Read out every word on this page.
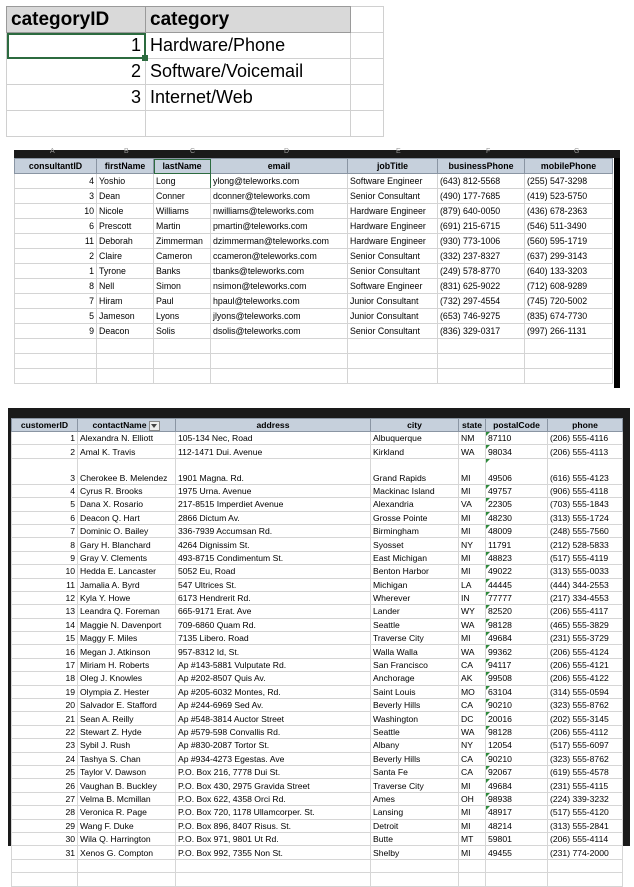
categoryID	category	
1	Hardware/Phone	
2	Software/Voicemail	
3	Internet/Web	

A	B	C	D	E	F	G
consultantID	firstName	lastName	email	jobTitle	businessPhone	mobilePhone
4	Yoshio	Long	ylong@teleworks.com	Software Engineer	(643) 812-5568	(255) 547-3298
3	Dean	Conner	dconner@teleworks.com	Senior Consultant	(490) 177-7685	(419) 523-5750
10	Nicole	Williams	nwilliams@teleworks.com	Hardware Engineer	(879) 640-0050	(436) 678-2363
6	Prescott	Martin	pmartin@teleworks.com	Hardware Engineer	(691) 215-6715	(546) 511-3490
11	Deborah	Zimmerman	dzimmerman@teleworks.com	Hardware Engineer	(930) 773-1006	(560) 595-1719
2	Claire	Cameron	ccameron@teleworks.com	Senior Consultant	(332) 237-8327	(637) 299-3143
1	Tyrone	Banks	tbanks@teleworks.com	Senior Consultant	(249) 578-8770	(640) 133-3203
8	Nell	Simon	nsimon@teleworks.com	Software Engineer	(831) 625-9022	(712) 608-9289
7	Hiram	Paul	hpaul@teleworks.com	Junior Consultant	(732) 297-4554	(745) 720-5002
5	Jameson	Lyons	jlyons@teleworks.com	Junior Consultant	(653) 746-9275	(835) 674-7730
9	Deacon	Solis	dsolis@teleworks.com	Senior Consultant	(836) 329-0317	(997) 266-1131

customerID	contactName	address	city	state	postalCode	phone
1	Alexandra N. Elliott	105-134 Nec, Road	Albuquerque	NM	87110	(206) 555-4116
2	Amal K. Travis	112-1471 Dui. Avenue	Kirkland	WA	98034	(206) 555-4113
3	Cherokee B. Melendez	1901 Magna. Rd.	Grand Rapids	MI	49506	(616) 555-4123
4	Cyrus R. Brooks	1975 Urna. Avenue	Mackinac Island	MI	49757	(906) 555-4118
5	Dana X. Rosario	217-8515 Imperdiet Avenue	Alexandria	VA	22305	(703) 555-1843
6	Deacon Q. Hart	2866 Dictum Av.	Grosse Pointe	MI	48230	(313) 555-1724
7	Dominic O. Bailey	336-7939 Accumsan Rd.	Birmingham	MI	48009	(248) 555-7560
8	Gary H. Blanchard	4264 Dignissim St.	Syosset	NY	11791	(212) 528-5833
9	Gray V. Clements	493-8715 Condimentum St.	East Michigan	MI	48823	(517) 555-4119
10	Hedda E. Lancaster	5052 Eu, Road	Benton Harbor	MI	49022	(313) 555-0033
11	Jamalia A. Byrd	547 Ultrices St.	Michigan	LA	44445	(444) 344-2553
12	Kyla Y. Howe	6173 Hendrerit Rd.	Wherever	IN	77777	(217) 334-4553
13	Leandra Q. Foreman	665-9171 Erat. Ave	Lander	WY	82520	(206) 555-4117
14	Maggie N. Davenport	709-6860 Quam Rd.	Seattle	WA	98128	(465) 555-3829
15	Maggy F. Miles	7135 Libero. Road	Traverse City	MI	49684	(231) 555-3729
16	Megan J. Atkinson	957-8312 Id, St.	Walla Walla	WA	99362	(206) 555-4124
17	Miriam H. Roberts	Ap #143-5881 Vulputate Rd.	San Francisco	CA	94117	(206) 555-4121
18	Oleg J. Knowles	Ap #202-8507 Quis Av.	Anchorage	AK	99508	(206) 555-4122
19	Olympia Z. Hester	Ap #205-6032 Montes, Rd.	Saint Louis	MO	63104	(314) 555-0594
20	Salvador E. Stafford	Ap #244-6969 Sed Av.	Beverly Hills	CA	90210	(323) 555-8762
21	Sean A. Reilly	Ap #548-3814 Auctor Street	Washington	DC	20016	(202) 555-3145
22	Stewart Z. Hyde	Ap #579-598 Convallis Rd.	Seattle	WA	98128	(206) 555-4112
23	Sybil J. Rush	Ap #830-2087 Tortor St.	Albany	NY	12054	(517) 555-6097
24	Tashya S. Chan	Ap #934-4273 Egestas. Ave	Beverly Hills	CA	90210	(323) 555-8762
25	Taylor V. Dawson	P.O. Box 216, 7778 Dui St.	Santa Fe	CA	92067	(619) 555-4578
26	Vaughan B. Buckley	P.O. Box 430, 2975 Gravida Street	Traverse City	MI	49684	(231) 555-4115
27	Velma B. Mcmillan	P.O. Box 622, 4358 Orci Rd.	Ames	OH	98938	(224) 339-3232
28	Veronica R. Page	P.O. Box 720, 1178 Ullamcorper. St.	Lansing	MI	48917	(517) 555-4120
29	Wang F. Duke	P.O. Box 896, 8407 Risus. St.	Detroit	MI	48214	(313) 555-2841
30	Wila Q. Harrington	P.O. Box 971, 9801 Ut Rd.	Butte	MT	59801	(206) 555-4114
31	Xenos G. Compton	P.O. Box 992, 7355 Non St.	Shelby	MI	49455	(231) 774-2000
